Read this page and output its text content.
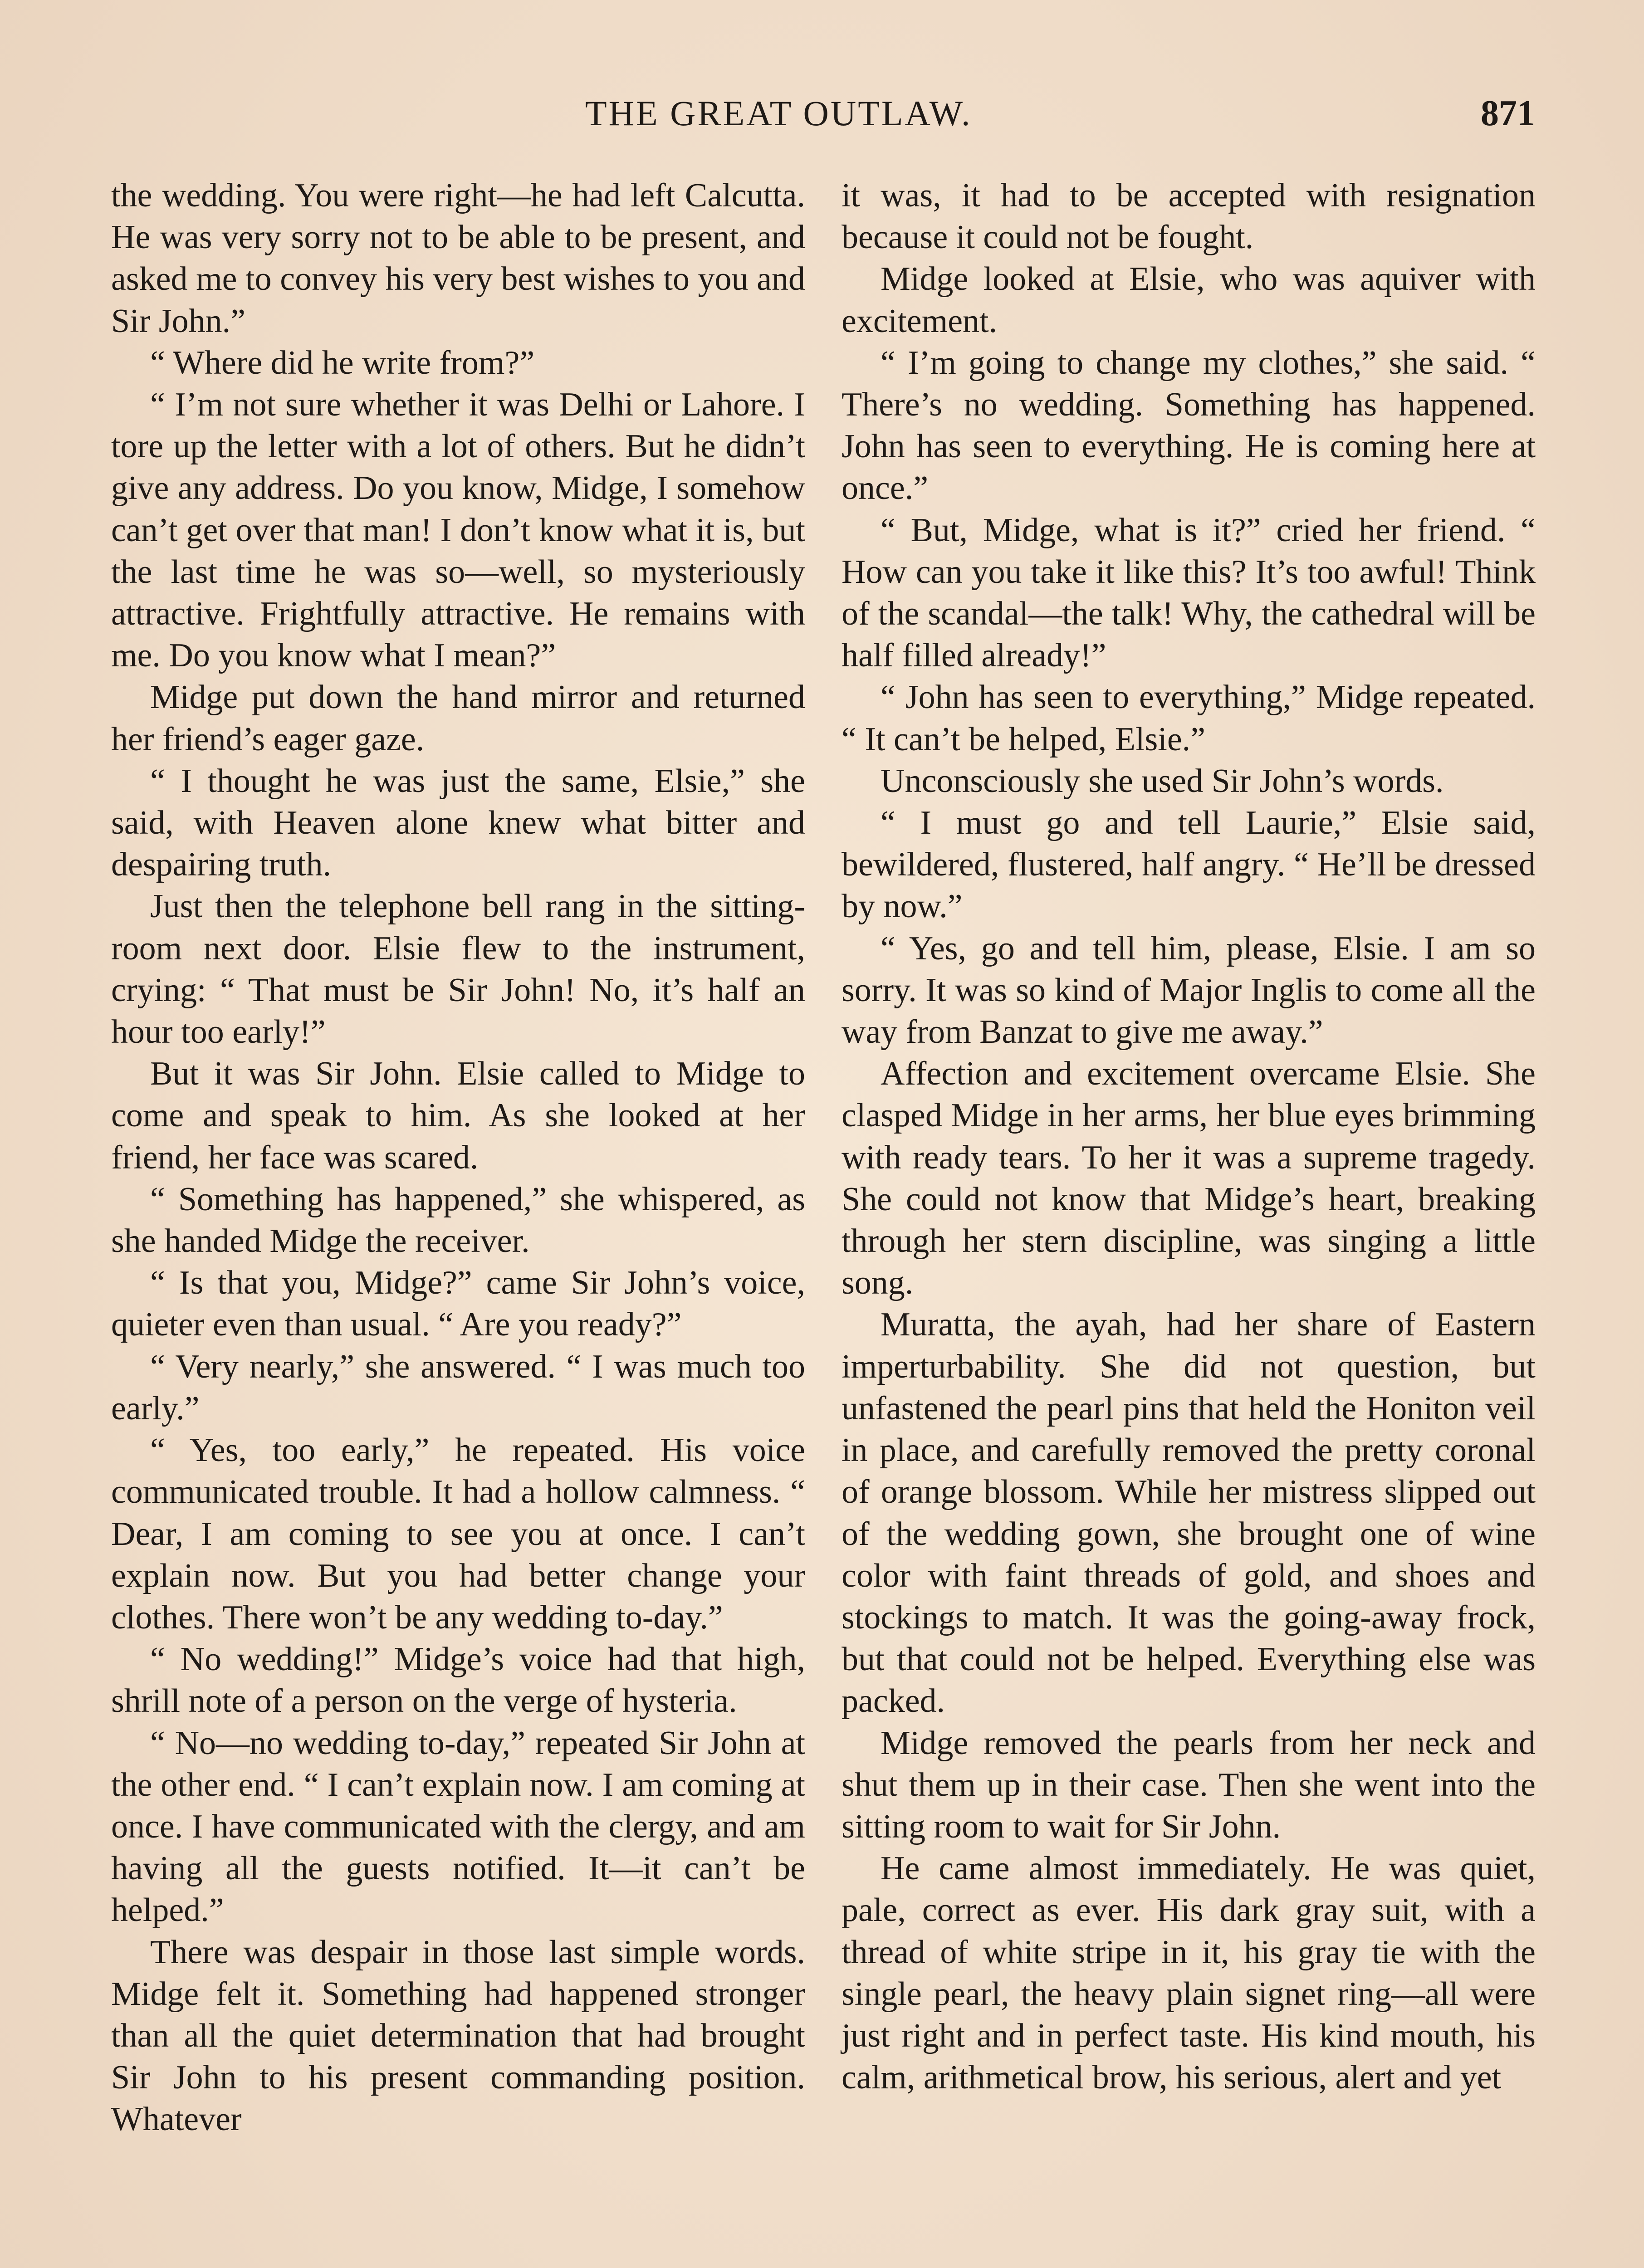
THE GREAT OUTLAW.	871

the wedding. You were right—he had left Calcutta. He was very sorry not to be able to be present, and asked me to convey his very best wishes to you and Sir John.”

“ Where did he write from?”

“ I’m not sure whether it was Delhi or Lahore. I tore up the letter with a lot of others. But he didn’t give any address. Do you know, Midge, I somehow can’t get over that man! I don’t know what it is, but the last time he was so—well, so mysteriously attractive. Frightfully attractive. He remains with me. Do you know what I mean?”

Midge put down the hand mirror and returned her friend’s eager gaze.

“ I thought he was just the same, Elsie,” she said, with Heaven alone knew what bitter and despairing truth.

Just then the telephone bell rang in the sitting-room next door. Elsie flew to the instrument, crying: “ That must be Sir John! No, it’s half an hour too early!”

But it was Sir John. Elsie called to Midge to come and speak to him. As she looked at her friend, her face was scared.

“ Something has happened,” she whispered, as she handed Midge the receiver.

“ Is that you, Midge?” came Sir John’s voice, quieter even than usual. “ Are you ready?”

“ Very nearly,” she answered. “ I was much too early.”

“ Yes, too early,” he repeated. His voice communicated trouble. It had a hollow calmness. “ Dear, I am coming to see you at once. I can’t explain now. But you had better change your clothes. There won’t be any wedding to-day.”

“ No wedding!” Midge’s voice had that high, shrill note of a person on the verge of hysteria.

“ No—no wedding to-day,” repeated Sir John at the other end. “ I can’t explain now. I am coming at once. I have communicated with the clergy, and am having all the guests notified. It—it can’t be helped.”

There was despair in those last simple words. Midge felt it. Something had happened stronger than all the quiet determination that had brought Sir John to his present commanding position. Whatever

it was, it had to be accepted with resignation because it could not be fought.

Midge looked at Elsie, who was aquiver with excitement.

“ I’m going to change my clothes,” she said. “ There’s no wedding. Something has happened. John has seen to everything. He is coming here at once.”

“ But, Midge, what is it?” cried her friend. “ How can you take it like this? It’s too awful! Think of the scandal—the talk! Why, the cathedral will be half filled already!”

“ John has seen to everything,” Midge repeated. “ It can’t be helped, Elsie.”

Unconsciously she used Sir John’s words.

“ I must go and tell Laurie,” Elsie said, bewildered, flustered, half angry. “ He’ll be dressed by now.”

“ Yes, go and tell him, please, Elsie. I am so sorry. It was so kind of Major Inglis to come all the way from Banzat to give me away.”

Affection and excitement overcame Elsie. She clasped Midge in her arms, her blue eyes brimming with ready tears. To her it was a supreme tragedy. She could not know that Midge’s heart, breaking through her stern discipline, was singing a little song.

Muratta, the ayah, had her share of Eastern imperturbability. She did not question, but unfastened the pearl pins that held the Honiton veil in place, and carefully removed the pretty coronal of orange blossom. While her mistress slipped out of the wedding gown, she brought one of wine color with faint threads of gold, and shoes and stockings to match. It was the going-away frock, but that could not be helped. Everything else was packed.

Midge removed the pearls from her neck and shut them up in their case. Then she went into the sitting room to wait for Sir John.

He came almost immediately. He was quiet, pale, correct as ever. His dark gray suit, with a thread of white stripe in it, his gray tie with the single pearl, the heavy plain signet ring—all were just right and in perfect taste. His kind mouth, his calm, arithmetical brow, his serious, alert and yet
